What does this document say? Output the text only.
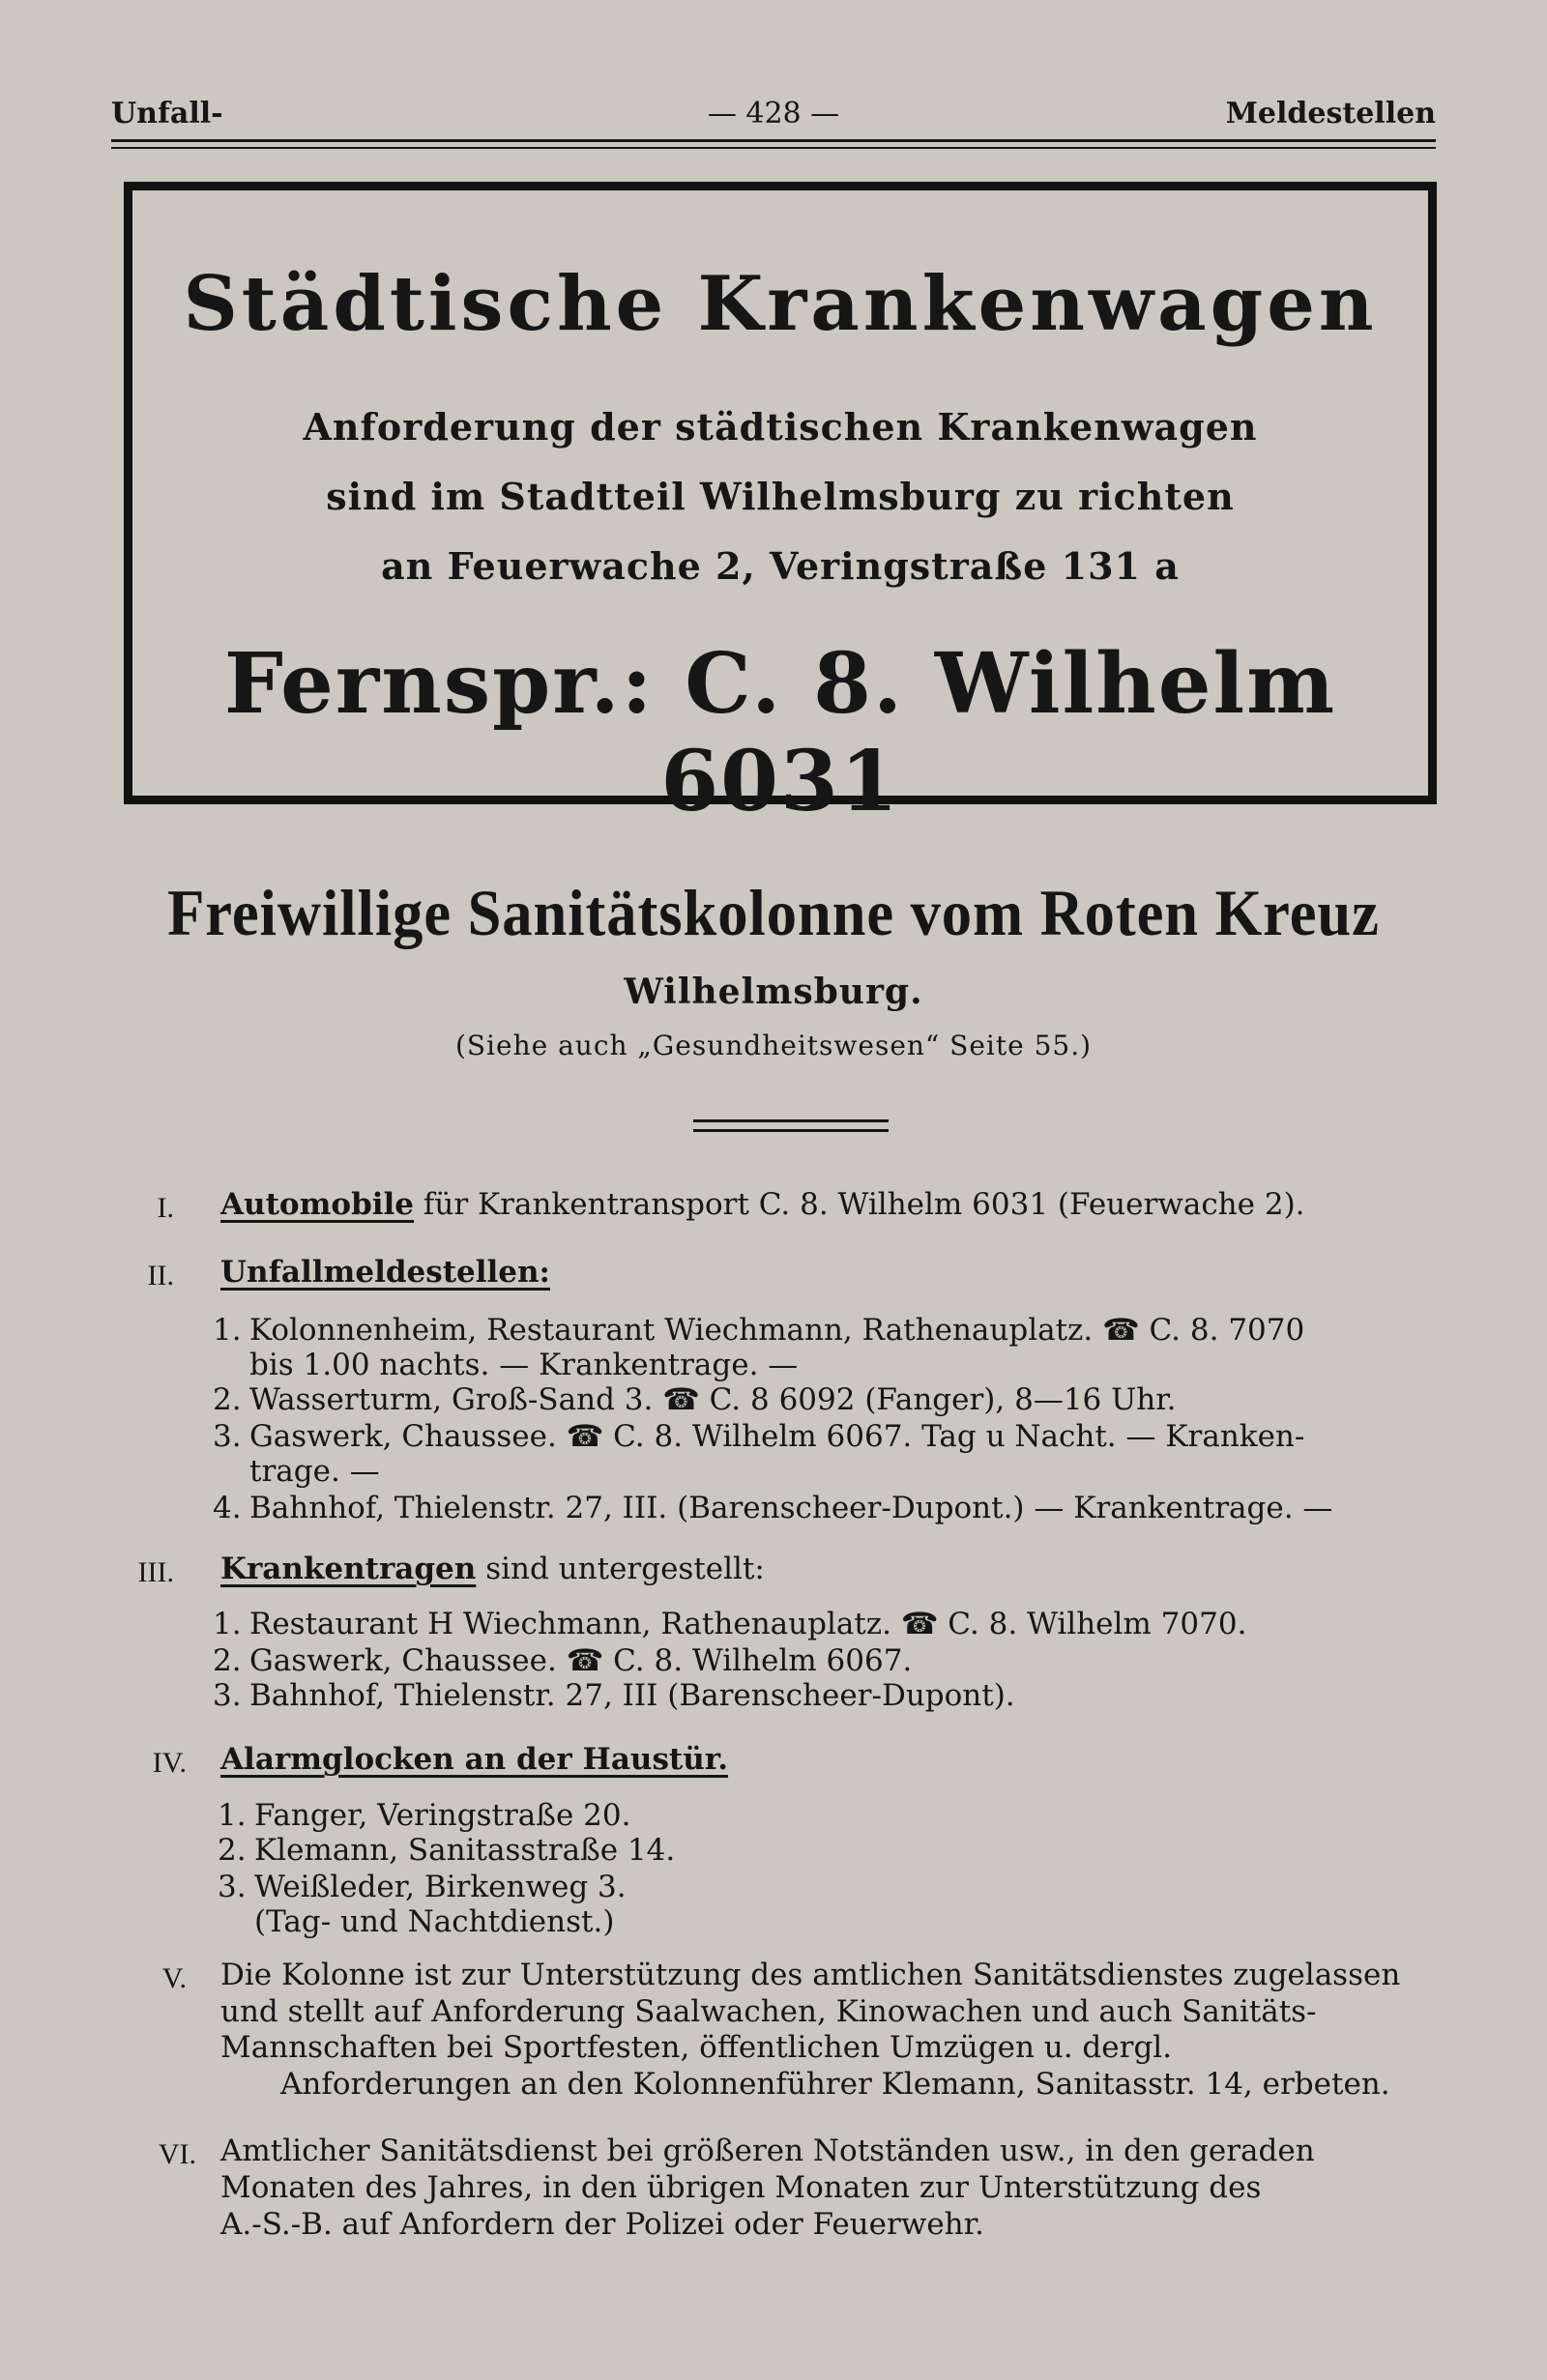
Unfall-	— 428 —	Meldestellen
Städtische Krankenwagen
Anforderung der städtischen Krankenwagen
sind im Stadtteil Wilhelmsburg zu richten
an Feuerwache 2, Veringstraße 131 a
Fernspr.: C. 8. Wilhelm 6031
Freiwillige Sanitätskolonne vom Roten Kreuz
Wilhelmsburg.
(Siehe auch „Gesundheitswesen“ Seite 55.)
I. Automobile für Krankentransport C. 8. Wilhelm 6031 (Feuerwache 2).
II. Unfallmeldestellen:
1. Kolonnenheim, Restaurant Wiechmann, Rathenauplatz. ☎ C. 8. 7070
bis 1.00 nachts. — Krankentrage. —
2. Wasserturm, Groß-Sand 3. ☎ C. 8 6092 (Fanger), 8—16 Uhr.
3. Gaswerk, Chaussee. ☎ C. 8. Wilhelm 6067. Tag u Nacht. — Kranken-
trage. —
4. Bahnhof, Thielenstr. 27, III. (Barenscheer-Dupont.) — Krankentrage. —
III. Krankentragen sind untergestellt:
1. Restaurant H Wiechmann, Rathenauplatz. ☎ C. 8. Wilhelm 7070.
2. Gaswerk, Chaussee. ☎ C. 8. Wilhelm 6067.
3. Bahnhof, Thielenstr. 27, III (Barenscheer-Dupont).
IV. Alarmglocken an der Haustür.
1. Fanger, Veringstraße 20.
2. Klemann, Sanitasstraße 14.
3. Weißleder, Birkenweg 3.
(Tag- und Nachtdienst.)
V. Die Kolonne ist zur Unterstützung des amtlichen Sanitätsdienstes zugelassen
und stellt auf Anforderung Saalwachen, Kinowachen und auch Sanitäts-
Mannschaften bei Sportfesten, öffentlichen Umzügen u. dergl.
Anforderungen an den Kolonnenführer Klemann, Sanitasstr. 14, erbeten.
VI. Amtlicher Sanitätsdienst bei größeren Notständen usw., in den geraden
Monaten des Jahres, in den übrigen Monaten zur Unterstützung des
A.-S.-B. auf Anfordern der Polizei oder Feuerwehr.
